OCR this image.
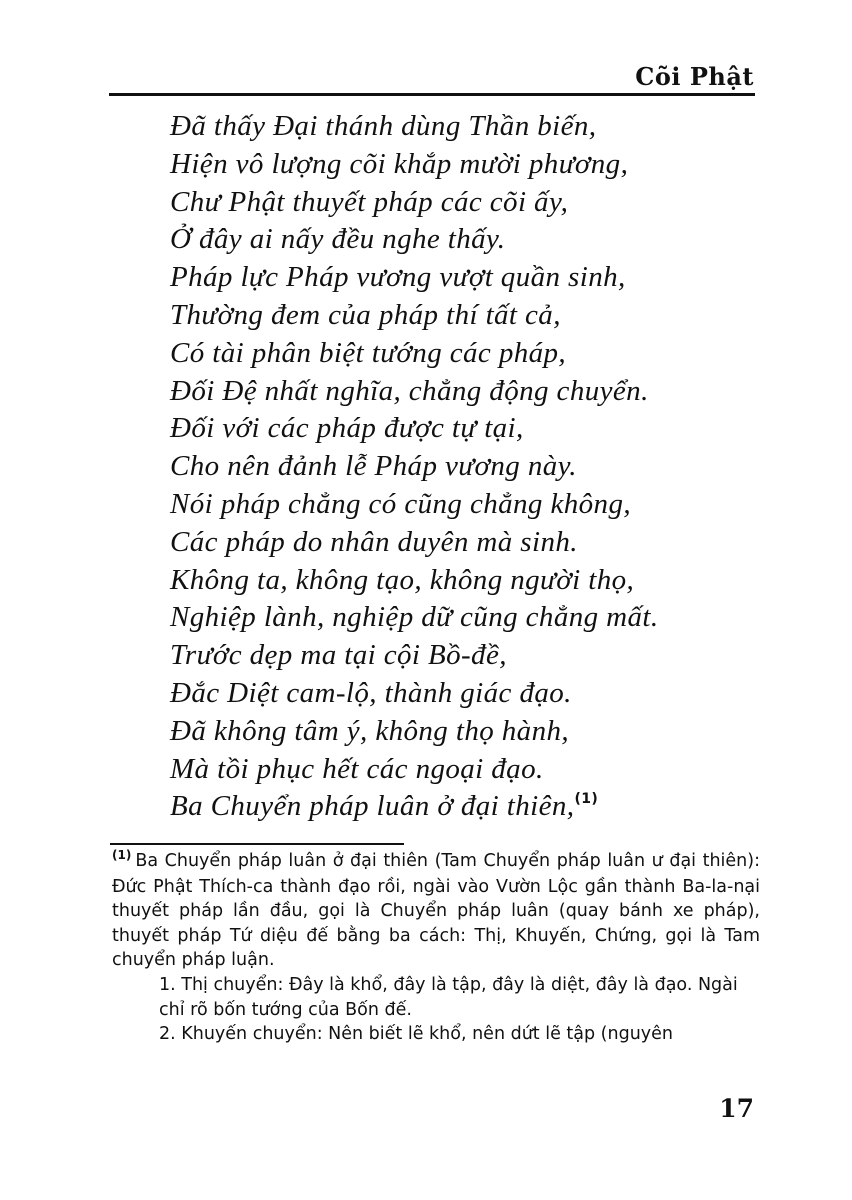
Cõi Phật
Đã thấy Đại thánh dùng Thần biến,
Hiện vô lượng cõi khắp mười phương,
Chư Phật thuyết pháp các cõi ấy,
Ở đây ai nấy đều nghe thấy.
Pháp lực Pháp vương vượt quần sinh,
Thường đem của pháp thí tất cả,
Có tài phân biệt tướng các pháp,
Đối Đệ nhất nghĩa, chẳng động chuyển.
Đối với các pháp được tự tại,
Cho nên đảnh lễ Pháp vương này.
Nói pháp chẳng có cũng chẳng không,
Các pháp do nhân duyên mà sinh.
Không ta, không tạo, không người thọ,
Nghiệp lành, nghiệp dữ cũng chẳng mất.
Trước dẹp ma tại cội Bồ-đề,
Đắc Diệt cam-lộ, thành giác đạo.
Đã không tâm ý, không thọ hành,
Mà tồi phục hết các ngoại đạo.
Ba Chuyển pháp luân ở đại thiên,$^{(1)}$

$^{(1)}$ Ba Chuyển pháp luân ở đại thiên (Tam Chuyển pháp luân ư đại thiên): Đức Phật Thích-ca thành đạo rồi, ngài vào Vườn Lộc gần thành Ba-la-nại thuyết pháp lần đầu, gọi là Chuyển pháp luân (quay bánh xe pháp), thuyết pháp Tứ diệu đế bằng ba cách: Thị, Khuyến, Chứng, gọi là Tam chuyển pháp luận.

1. Thị chuyển: Đây là khổ, đây là tập, đây là diệt, đây là đạo. Ngài chỉ rõ bốn tướng của Bốn đế.

2. Khuyến chuyển: Nên biết lẽ khổ, nên dứt lẽ tập (nguyên

17
